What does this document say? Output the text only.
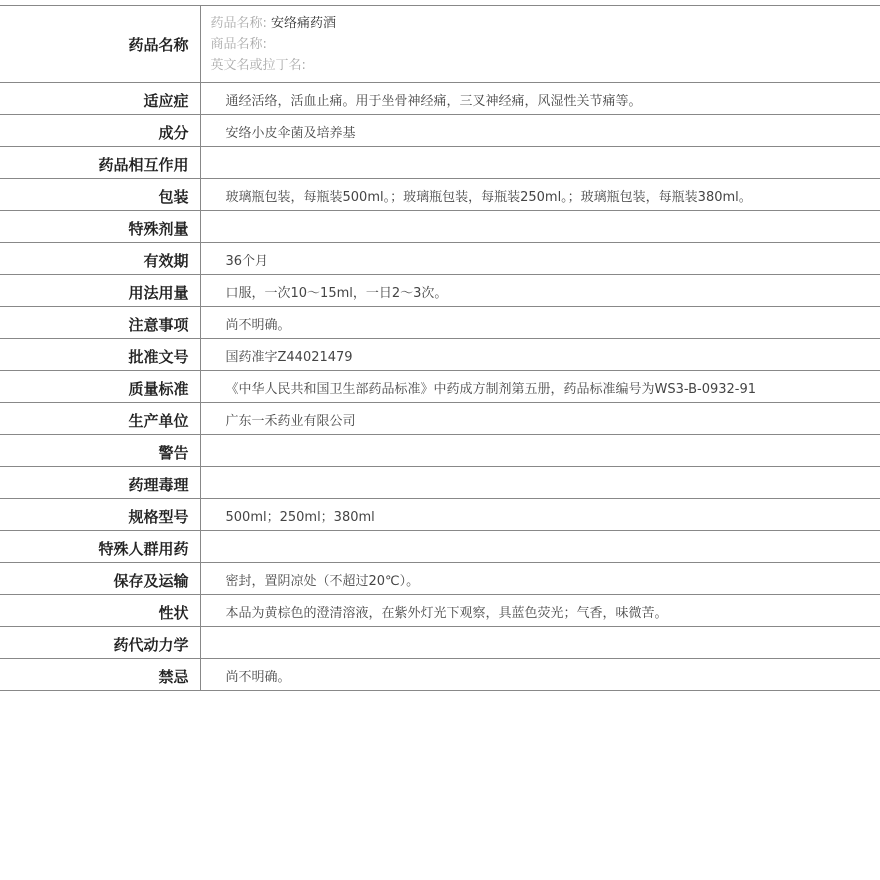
药品名称	药品名称: 安络痛药酒
商品名称:
英文名或拉丁名:

适应症	通经活络，活血止痛。用于坐骨神经痛，三叉神经痛，风湿性关节痛等。
成分	安络小皮伞菌及培养基
药品相互作用	
包装	玻璃瓶包装，每瓶装500ml。；玻璃瓶包装，每瓶装250ml。；玻璃瓶包装，每瓶装380ml。
特殊剂量	
有效期	36个月
用法用量	口服，一次10～15ml，一日2～3次。
注意事项	尚不明确。
批准文号	国药准字Z44021479
质量标准	《中华人民共和国卫生部药品标准》中药成方制剂第五册，药品标准编号为WS3-B-0932-91
生产单位	广东一禾药业有限公司
警告	
药理毒理	
规格型号	500ml；250ml；380ml
特殊人群用药	
保存及运输	密封，置阴凉处（不超过20℃）。
性状	本品为黄棕色的澄清溶液，在紫外灯光下观察，具蓝色荧光；气香，味微苦。
药代动力学	
禁忌	尚不明确。
